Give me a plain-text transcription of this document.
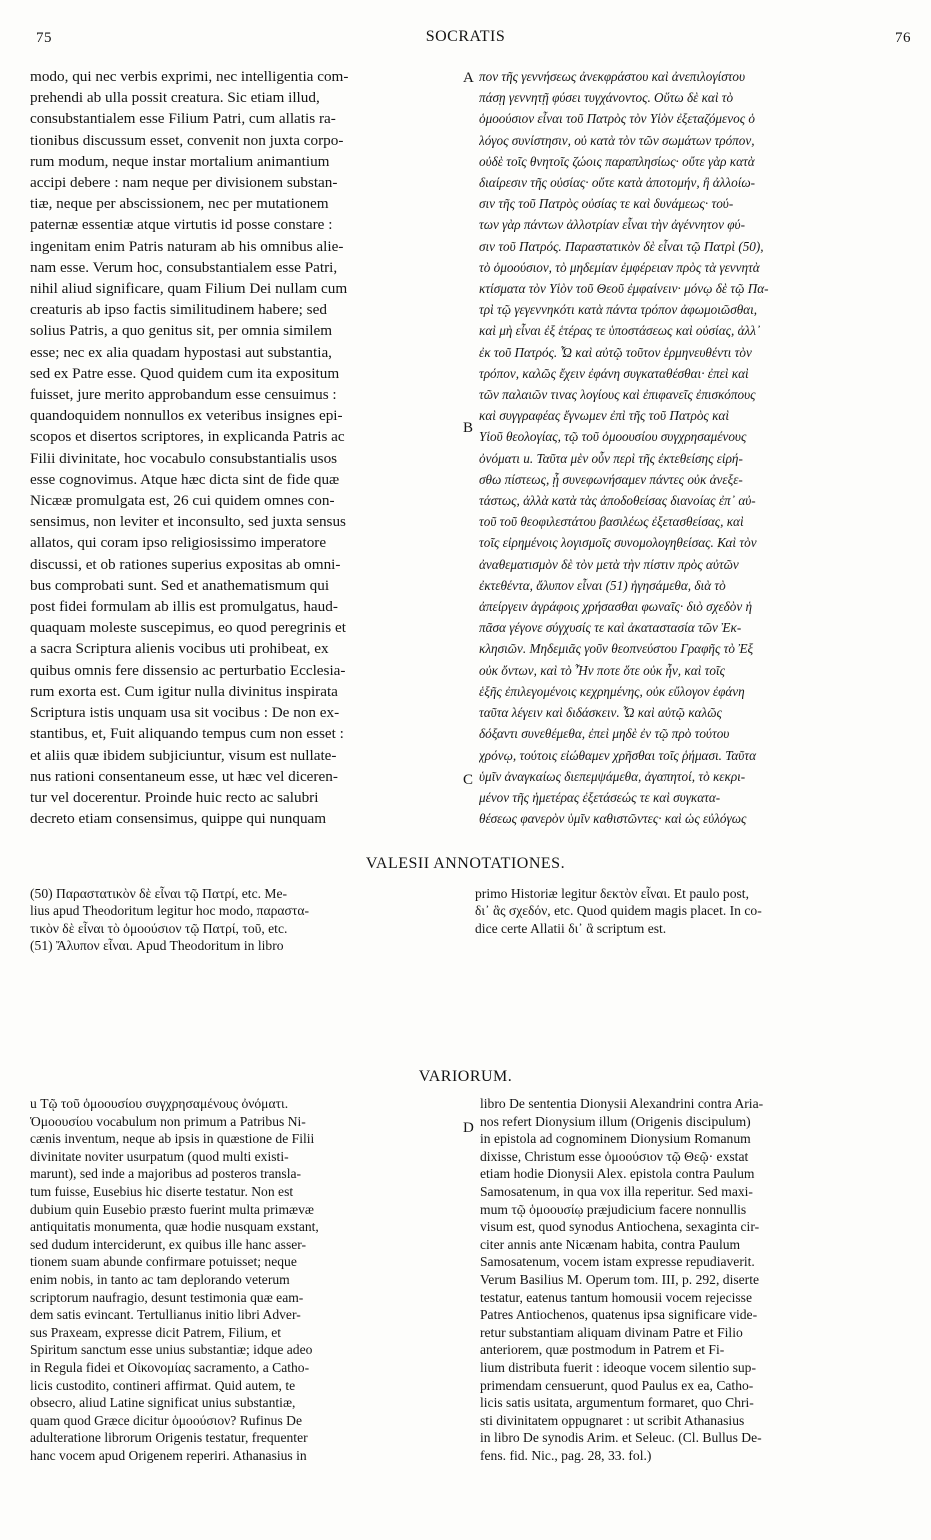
75	SOCRATIS	76
modo, qui nec verbis exprimi, nec intelligentia com-
prehendi ab ulla possit creatura. Sic etiam illud,
consubstantialem esse Filium Patri, cum allatis ra-
tionibus discussum esset, convenit non juxta corpo-
rum modum, neque instar mortalium animantium
accipi debere : nam neque per divisionem substan-
tiæ, neque per abscissionem, nec per mutationem
paternæ essentiæ atque virtutis id posse constare :
ingenitam enim Patris naturam ab his omnibus alie-
nam esse. Verum hoc, consubstantialem esse Patri,
nihil aliud significare, quam Filium Dei nullam cum
creaturis ab ipso factis similitudinem habere; sed
solius Patris, a quo genitus sit, per omnia similem
esse; nec ex alia quadam hypostasi aut substantia,
sed ex Patre esse. Quod quidem cum ita expositum
fuisset, jure merito approbandum esse censuimus :
quandoquidem nonnullos ex veteribus insignes epi-
scopos et disertos scriptores, in explicanda Patris ac
Filii divinitate, hoc vocabulo consubstantialis usos
esse cognovimus. Atque hæc dicta sint de fide quæ
Nicææ promulgata est, 26 cui quidem omnes con-
sensimus, non leviter et inconsulto, sed juxta sensus
allatos, qui coram ipso religiosissimo imperatore
discussi, et ob rationes superius expositas ab omni-
bus comprobati sunt. Sed et anathematismum qui
post fidei formulam ab illis est promulgatus, haud-
quaquam moleste suscepimus, eo quod peregrinis et
a sacra Scriptura alienis vocibus uti prohibeat, ex
quibus omnis fere dissensio ac perturbatio Ecclesia-
rum exorta est. Cum igitur nulla divinitus inspirata
Scriptura istis unquam usa sit vocibus : De non ex-
stantibus, et, Fuit aliquando tempus cum non esset :
et aliis quæ ibidem subjiciuntur, visum est nullate-
nus rationi consentaneum esse, ut hæc vel diceren-
tur vel docerentur. Proinde huic recto ac salubri
decreto etiam consensimus, quippe qui nunquam
πον τῆς γεννήσεως ἀνεκφράστου καὶ ἀνεπιλογίστου
πάσῃ γεννητῇ φύσει τυγχάνοντος. Οὕτω δὲ καὶ τὸ
ὁμοούσιον εἶναι τοῦ Πατρὸς τὸν Υἱὸν ἐξεταζόμενος ὁ
λόγος συνίστησιν, οὐ κατὰ τὸν τῶν σωμάτων τρόπον,
οὐδὲ τοῖς θνητοῖς ζώοις παραπλησίως· οὔτε γὰρ κατὰ
διαίρεσιν τῆς οὐσίας· οὔτε κατὰ ἀποτομήν, ἢ ἀλλοίω-
σιν τῆς τοῦ Πατρὸς οὐσίας τε καὶ δυνάμεως· τού-
των γὰρ πάντων ἀλλοτρίαν εἶναι τὴν ἀγέννητον φύ-
σιν τοῦ Πατρός. Παραστατικὸν δὲ εἶναι τῷ Πατρὶ (50),
τὸ ὁμοούσιον, τὸ μηδεμίαν ἐμφέρειαν πρὸς τὰ γεννητὰ
κτίσματα τὸν Υἱὸν τοῦ Θεοῦ ἐμφαίνειν· μόνῳ δὲ τῷ Πα-
τρὶ τῷ γεγεννηκότι κατὰ πάντα τρόπον ἀφωμοιῶσθαι,
καὶ μὴ εἶναι ἐξ ἑτέρας τε ὑποστάσεως καὶ οὐσίας, ἀλλ᾽
ἐκ τοῦ Πατρός. Ὦ καὶ αὐτῷ τοῦτον ἑρμηνευθέντι τὸν
τρόπον, καλῶς ἔχειν ἐφάνη συγκαταθέσθαι· ἐπεὶ καὶ
τῶν παλαιῶν τινας λογίους καὶ ἐπιφανεῖς ἐπισκόπους
καὶ συγγραφέας ἔγνωμεν ἐπὶ τῆς τοῦ Πατρὸς καὶ
Υἱοῦ θεολογίας, τῷ τοῦ ὁμοουσίου συγχρησαμένους
ὀνόματι u. Ταῦτα μὲν οὖν περὶ τῆς ἐκτεθείσης εἰρή-
σθω πίστεως, ᾗ συνεφωνήσαμεν πάντες οὐκ ἀνεξε-
τάστως, ἀλλὰ κατὰ τὰς ἀποδοθείσας διανοίας ἐπ᾽ αὐ-
τοῦ τοῦ θεοφιλεστάτου βασιλέως ἐξετασθείσας, καὶ
τοῖς εἰρημένοις λογισμοῖς συνομολογηθείσας. Καὶ τὸν
ἀναθεματισμὸν δὲ τὸν μετὰ τὴν πίστιν πρὸς αὐτῶν
ἐκτεθέντα, ἄλυπον εἶναι (51) ἡγησάμεθα, διὰ τὸ
ἀπείργειν ἀγράφοις χρήσασθαι φωναῖς· διὸ σχεδὸν ἡ
πᾶσα γέγονε σύγχυσίς τε καὶ ἀκαταστασία τῶν Ἐκ-
κλησιῶν. Μηδεμιᾶς γοῦν θεοπνεύστου Γραφῆς τὸ Ἐξ
οὐκ ὄντων, καὶ τὸ Ἦν ποτε ὅτε οὐκ ἦν, καὶ τοῖς
ἑξῆς ἐπιλεγομένοις κεχρημένης, οὐκ εὔλογον ἐφάνη
ταῦτα λέγειν καὶ διδάσκειν. Ὧ καὶ αὐτῷ καλῶς
δόξαντι συνεθέμεθα, ἐπεὶ μηδὲ ἐν τῷ πρὸ τούτου
χρόνῳ, τούτοις εἰώθαμεν χρῆσθαι τοῖς ῥήμασι. Ταῦτα
ὑμῖν ἀναγκαίως διεπεμψάμεθα, ἀγαπητοί, τὸ κεκρι-
μένον τῆς ἡμετέρας ἐξετάσεώς τε καὶ συγκατα-
θέσεως φανερὸν ὑμῖν καθιστῶντες· καὶ ὡς εὐλόγως
A
B
C
D
VALESII ANNOTATIONES.
(50) Παραστατικὸν δὲ εἶναι τῷ Πατρί, etc. Me-
lius apud Theodoritum legitur hoc modo, παραστα-
τικὸν δὲ εἶναι τὸ ὁμοούσιον τῷ Πατρί, τοῦ, etc.
(51) Ἄλυπον εἶναι. Apud Theodoritum in libro
primo Historiæ legitur δεκτὸν εἶναι. Et paulo post,
δι᾽ ἃς σχεδόν, etc. Quod quidem magis placet. In co-
dice certe Allatii δι᾽ ἃ scriptum est.
VARIORUM.
u Τῷ τοῦ ὁμοουσίου συγχρησαμένους ὀνόματι.
Ὁμοουσίου vocabulum non primum a Patribus Ni-
cænis inventum, neque ab ipsis in quæstione de Filii
divinitate noviter usurpatum (quod multi existi-
marunt), sed inde a majoribus ad posteros transla-
tum fuisse, Eusebius hic diserte testatur. Non est
dubium quin Eusebio præsto fuerint multa primævæ
antiquitatis monumenta, quæ hodie nusquam exstant,
sed dudum interciderunt, ex quibus ille hanc asser-
tionem suam abunde confirmare potuisset; neque
enim nobis, in tanto ac tam deplorando veterum
scriptorum naufragio, desunt testimonia quæ eam-
dem satis evincant. Tertullianus initio libri Adver-
sus Praxeam, expresse dicit Patrem, Filium, et
Spiritum sanctum esse unius substantiæ; idque adeo
in Regula fidei et Οἰκονομίας sacramento, a Catho-
licis custodito, contineri affirmat. Quid autem, te
obsecro, aliud Latine significat unius substantiæ,
quam quod Græce dicitur ὁμοούσιον? Rufinus De
adulteratione librorum Origenis testatur, frequenter
hanc vocem apud Origenem reperiri. Athanasius in
libro De sententia Dionysii Alexandrini contra Aria-
nos refert Dionysium illum (Origenis discipulum)
in epistola ad cognominem Dionysium Romanum
dixisse, Christum esse ὁμοούσιον τῷ Θεῷ· exstat
etiam hodie Dionysii Alex. epistola contra Paulum
Samosatenum, in qua vox illa reperitur. Sed maxi-
mum τῷ ὁμοουσίῳ præjudicium facere nonnullis
visum est, quod synodus Antiochena, sexaginta cir-
citer annis ante Nicænam habita, contra Paulum
Samosatenum, vocem istam expresse repudiaverit.
Verum Basilius M. Operum tom. III, p. 292, diserte
testatur, eatenus tantum homousii vocem rejecisse
Patres Antiochenos, quatenus ipsa significare vide-
retur substantiam aliquam divinam Patre et Filio
anteriorem, quæ postmodum in Patrem et Fi-
lium distributa fuerit : ideoque vocem silentio sup-
primendam censuerunt, quod Paulus ex ea, Catho-
licis satis usitata, argumentum formaret, quo Chri-
sti divinitatem oppugnaret : ut scribit Athanasius
in libro De synodis Arim. et Seleuc. (Cl. Bullus De-
fens. fid. Nic., pag. 28, 33. fol.)
